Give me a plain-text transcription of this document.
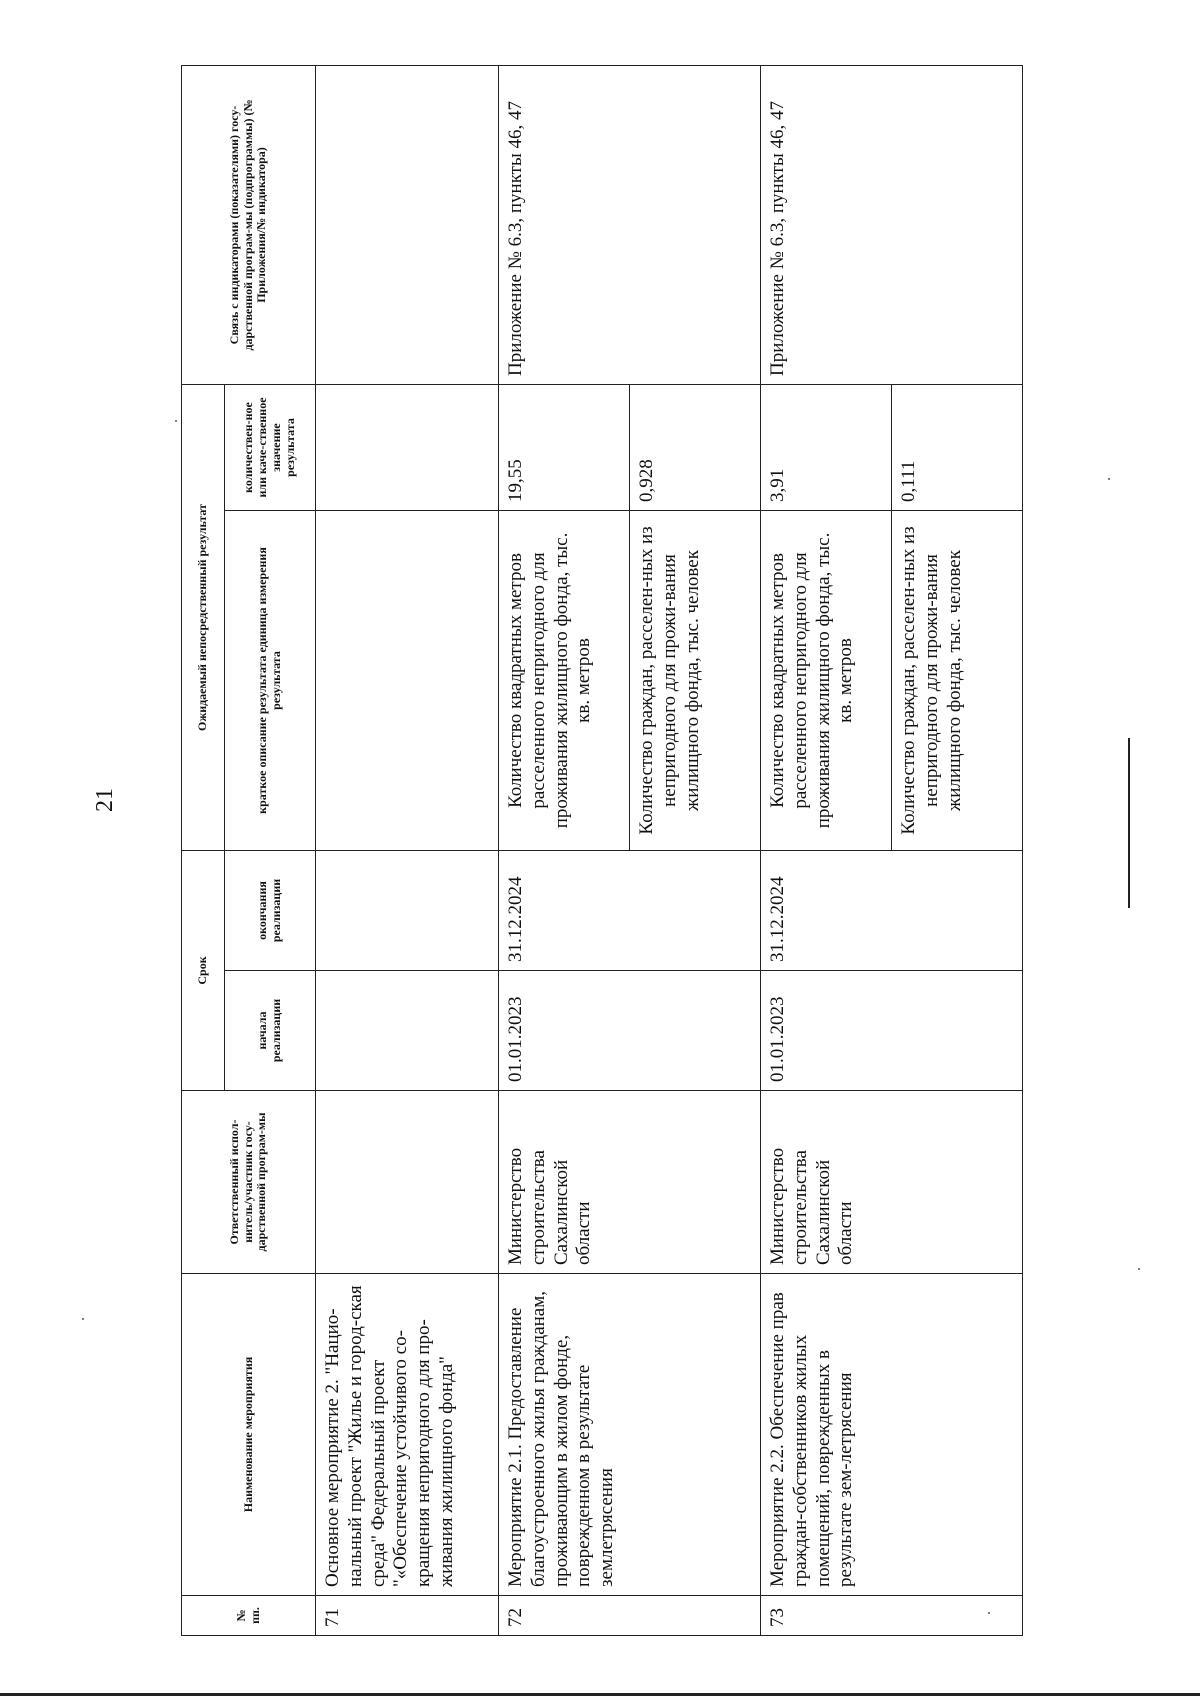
21
№ пп.	Наименование мероприятия	Ответственный испол-нитель/участник госу-дарственной програм-мы	Срок		Ожидаемый непосредственный результат		Связь с индикаторами (показателями) госу-дарственной програм-мы (подпрограммы) (№ Приложения/№ индикатора)
			начала реализации	окончания реализации	краткое описание результата единица измерения результата	количествен-ное или каче-ственное значение результата	
71	Основное мероприятие 2. "Нацио-нальный проект "Жилье и город-ская среда" Федеральный проект "«Обеспечение устойчивого со-кращения непригодного для про-живания жилищного фонда"						
72	Мероприятие 2.1. Предоставление благоустроенного жилья гражданам, проживающим в жилом фонде, поврежденном в результате землетрясения	Министерство строительства Сахалинской области	01.01.2023	31.12.2024	Количество квадратных метров расселенного непригодного для проживания жилищного фонда, тыс. кв. метров	19,55	Приложение № 6.3, пункты 46, 47
					Количество граждан, расселен-ных из непригодного для прожи-вания жилищного фонда, тыс. человек	0,928	
73	Мероприятие 2.2. Обеспечение прав граждан-собственников жилых помещений, поврежденных в результате зем-летрясения	Министерство строительства Сахалинской области	01.01.2023	31.12.2024	Количество квадратных метров расселенного непригодного для проживания жилищного фонда, тыс. кв. метров	3,91	Приложение № 6.3, пункты 46, 47
					Количество граждан, расселен-ных из непригодного для прожи-вания жилищного фонда, тыс. человек	0,111	
